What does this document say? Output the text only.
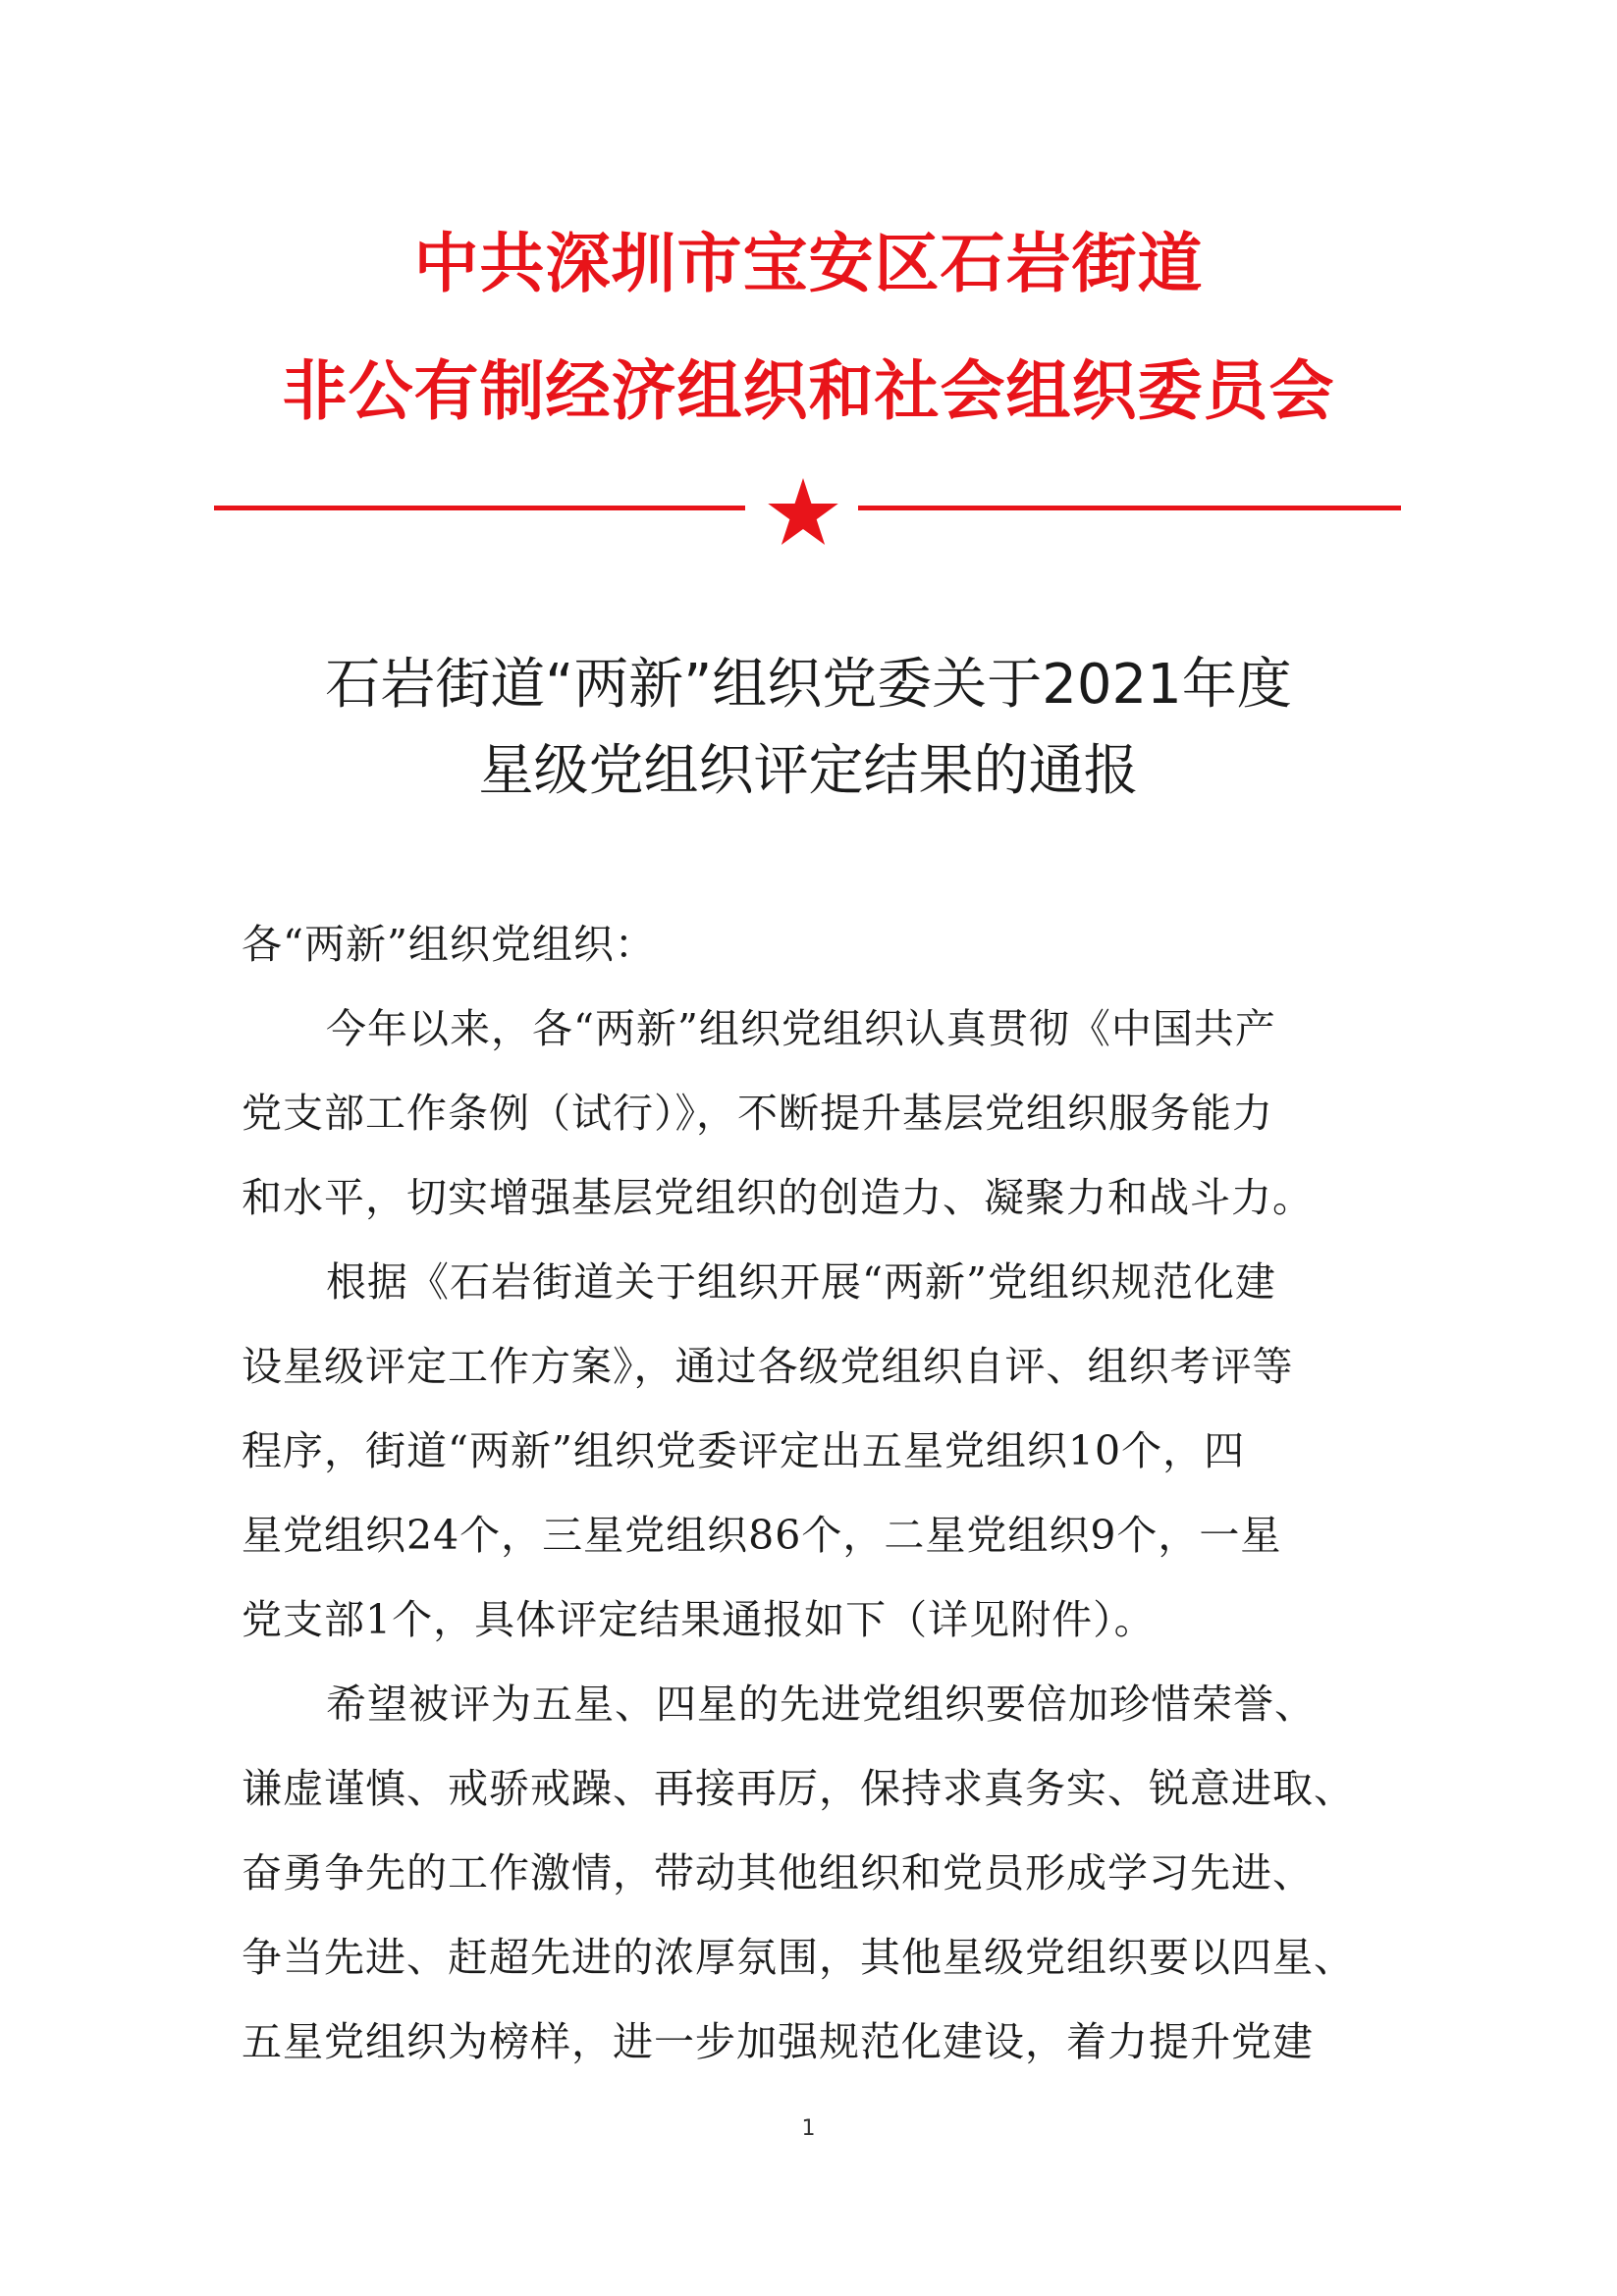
中共深圳市宝安区石岩街道
非公有制经济组织和社会组织委员会
石岩街道“两新”组织党委关于2021年度
星级党组织评定结果的通报
各“两新”组织党组织：
今年以来，各“两新”组织党组织认真贯彻《中国共产
党支部工作条例（试行）》，不断提升基层党组织服务能力
和水平，切实增强基层党组织的创造力、凝聚力和战斗力。
根据《石岩街道关于组织开展“两新”党组织规范化建
设星级评定工作方案》，通过各级党组织自评、组织考评等
程序，街道“两新”组织党委评定出五星党组织10个，四
星党组织24个，三星党组织86个，二星党组织9个，一星
党支部1个，具体评定结果通报如下（详见附件）。
希望被评为五星、四星的先进党组织要倍加珍惜荣誉、
谦虚谨慎、戒骄戒躁、再接再厉，保持求真务实、锐意进取、
奋勇争先的工作激情，带动其他组织和党员形成学习先进、
争当先进、赶超先进的浓厚氛围，其他星级党组织要以四星、
五星党组织为榜样，进一步加强规范化建设，着力提升党建
1
